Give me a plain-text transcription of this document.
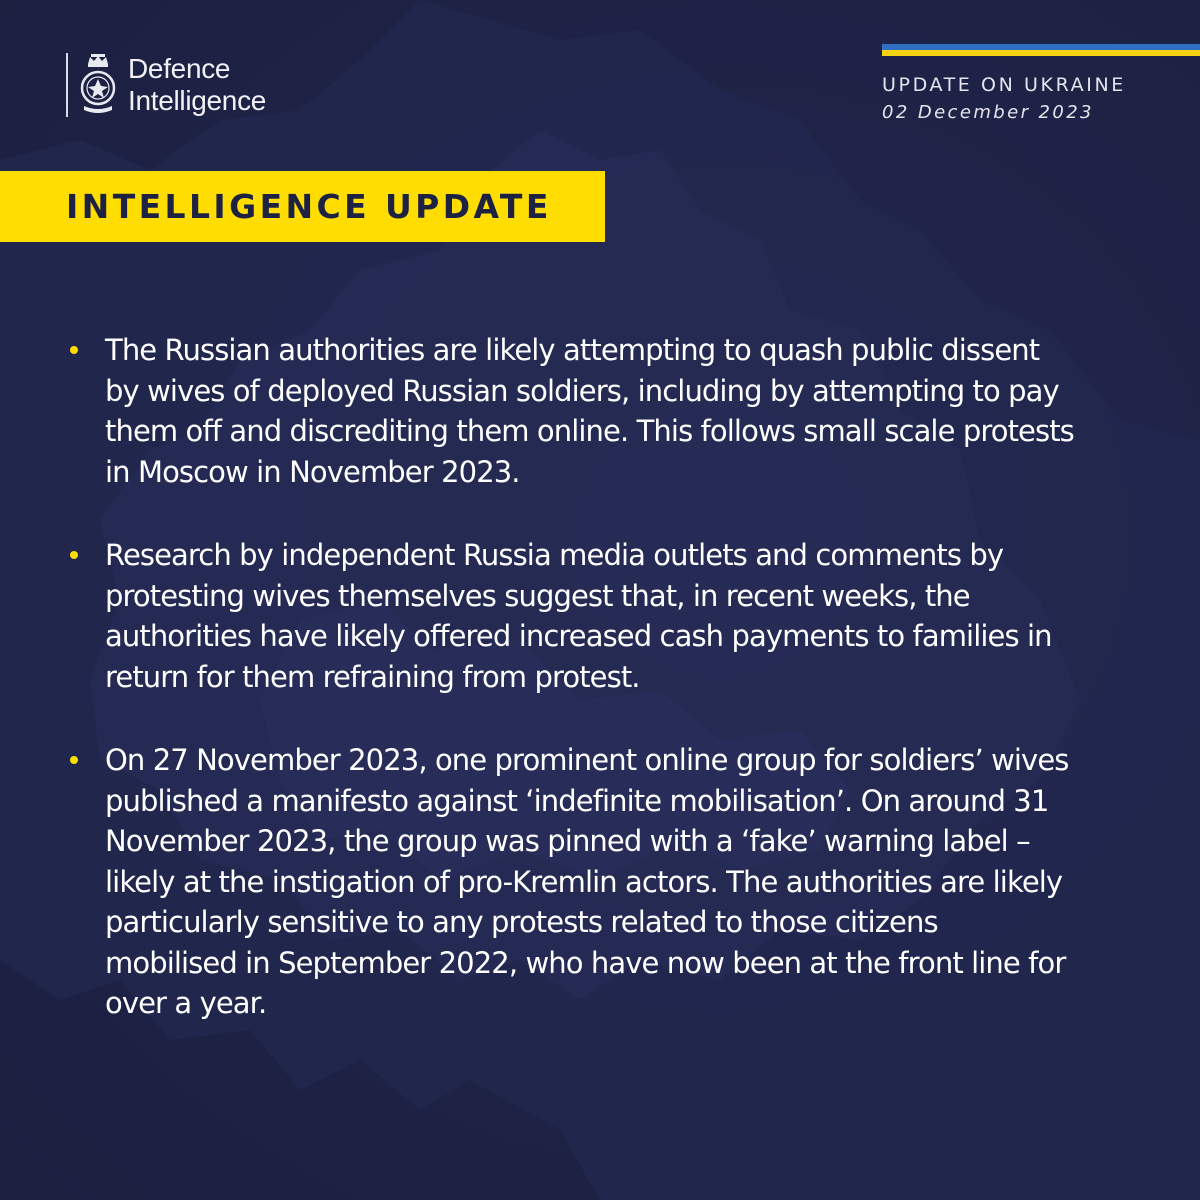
Defence
Intelligence	UPDATE ON UKRAINE
02 December 2023
INTELLIGENCE UPDATE
The Russian authorities are likely attempting to quash public dissent by wives of deployed Russian soldiers, including by attempting to pay them off and discrediting them online. This follows small scale protests in Moscow in November 2023.
Research by independent Russia media outlets and comments by protesting wives themselves suggest that, in recent weeks, the authorities have likely offered increased cash payments to families in return for them refraining from protest.
On 27 November 2023, one prominent online group for soldiers’ wives published a manifesto against ‘indefinite mobilisation’. On around 31 November 2023, the group was pinned with a ‘fake’ warning label – likely at the instigation of pro-Kremlin actors. The authorities are likely particularly sensitive to any protests related to those citizens mobilised in September 2022, who have now been at the front line for over a year.
